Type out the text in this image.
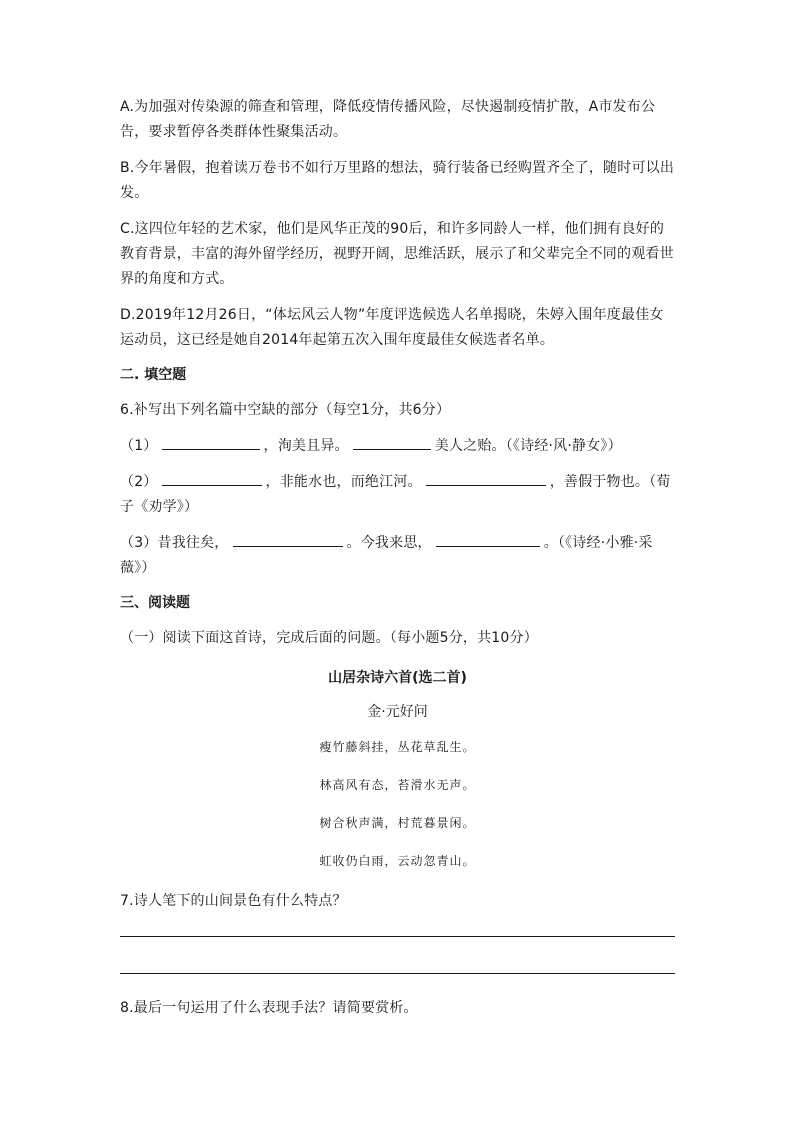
A.为加强对传染源的筛查和管理，降低疫情传播风险，尽快遏制疫情扩散，A市发布公告，要求暂停各类群体性聚集活动。

B.今年暑假，抱着读万卷书不如行万里路的想法，骑行装备已经购置齐全了，随时可以出发。

C.这四位年轻的艺术家，他们是风华正茂的90后，和许多同龄人一样，他们拥有良好的教育背景，丰富的海外留学经历，视野开阔，思维活跃，展示了和父辈完全不同的观看世界的角度和方式。

D.2019年12月26日，“体坛风云人物”年度评选候选人名单揭晓，朱婷入围年度最佳女运动员，这已经是她自2014年起第五次入围年度最佳女候选者名单。

二. 填空题

6.补写出下列名篇中空缺的部分（每空1分，共6分）

（1）	，洵美且异。	美人之贻。（《诗经·风·静女》）

（2）	，非能水也，而绝江河。	，善假于物也。（荀子《劝学》）

（3）昔我往矣，	。今我来思，	。（《诗经·小雅·采薇》）

三、阅读题

（一）阅读下面这首诗，完成后面的问题。（每小题5分，共10分）

山居杂诗六首(选二首)
金·元好问
瘦竹藤斜挂，丛花草乱生。
林高风有态，苔滑水无声。
树合秋声满，村荒暮景闲。
虹收仍白雨，云动忽青山。

7.诗人笔下的山间景色有什么特点？

8.最后一句运用了什么表现手法？请简要赏析。
